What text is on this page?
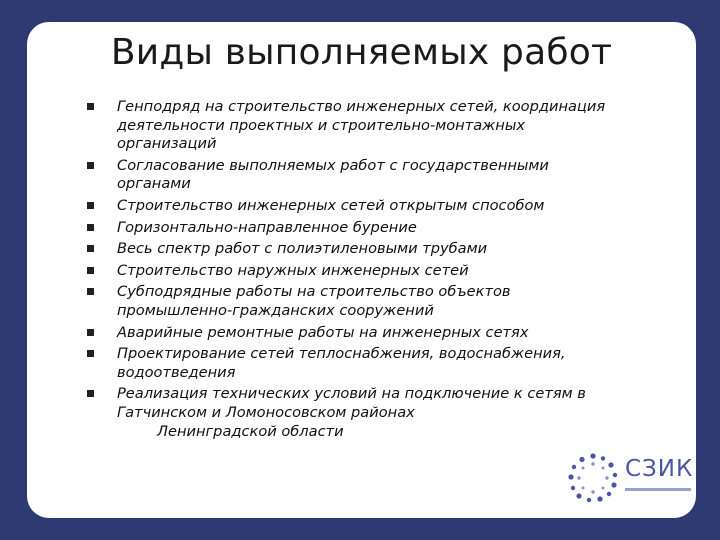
Виды выполняемых работ
Генподряд на строительство инженерных сетей, координация
деятельности проектных и строительно-монтажных
организаций
Согласование выполняемых работ с государственными
органами
Строительство инженерных сетей открытым способом
Горизонтально-направленное бурение
Весь спектр работ с полиэтиленовыми трубами
Строительство наружных инженерных сетей
Субподрядные работы на строительство объектов
промышленно-гражданских сооружений
Аварийные ремонтные работы на инженерных сетях
Проектирование сетей теплоснабжения, водоснабжения,
водоотведения
Реализация технических условий на подключение к сетям в
Гатчинском и Ломоносовском районах
Ленинградской области
СЗИК
